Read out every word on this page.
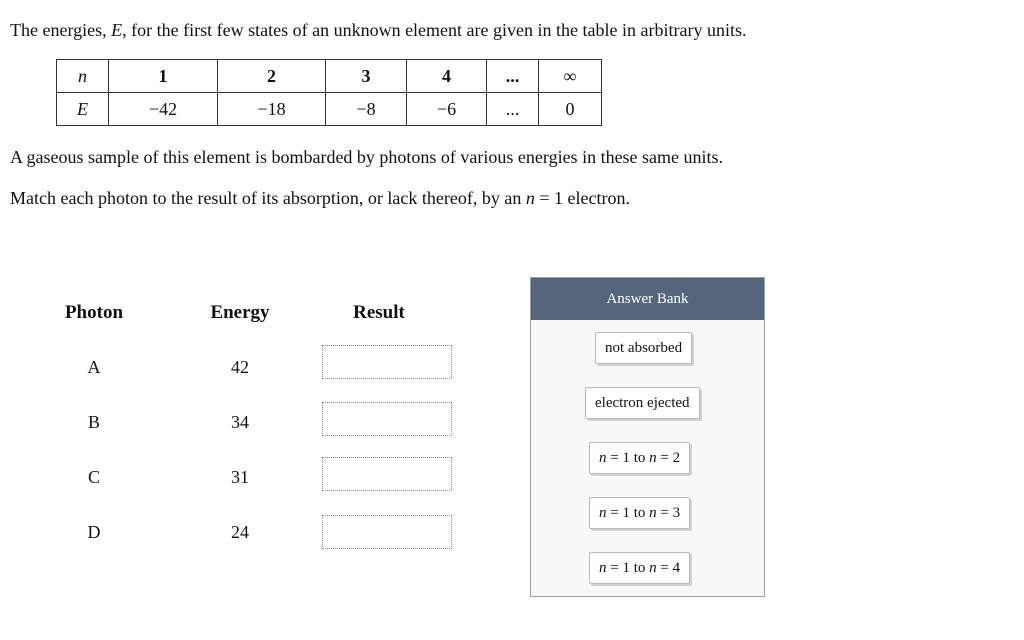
The energies, E, for the first few states of an unknown element are given in the table in arbitrary units.
n	1	2	3	4	...	∞
E	−42	−18	−8	−6	...	0
A gaseous sample of this element is bombarded by photons of various energies in these same units.
Match each photon to the result of its absorption, or lack thereof, by an n = 1 electron.
Photon	Energy	Result
A	42
B	34
C	31
D	24
Answer Bank
not absorbed
electron ejected
n = 1 to n = 2
n = 1 to n = 3
n = 1 to n = 4
